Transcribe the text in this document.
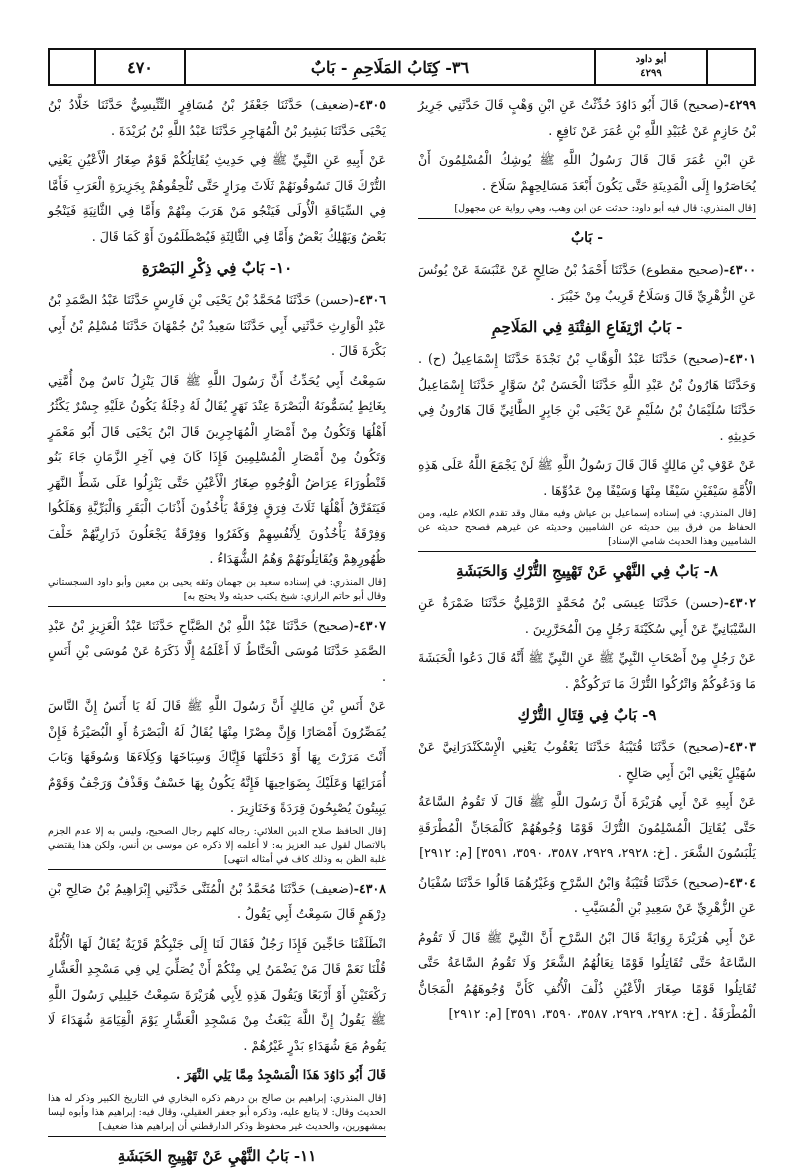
٤٧٠	٣٦- كِتَابُ المَلَاحِمِ - بَابٌ	أبو داود
٤٢٩٩

٤٢٩٩-(صحيح) قَالَ أَبُو دَاوُدَ حُدِّثْتُ عَنِ ابْنِ وَهْبٍ قَالَ حَدَّثَنِي جَرِيرُ بْنُ حَازِمٍ عَنْ عُبَيْدِ اللَّهِ بْنِ عُمَرَ عَنْ نَافِعٍ .

عَنِ ابْنِ عُمَرَ قَالَ قَالَ رَسُولُ اللَّهِ ﷺ يُوشِكُ الْمُسْلِمُونَ أَنْ يُحَاصَرُوا إِلَى الْمَدِينَةِ حَتَّى يَكُونَ أَبْعَدَ مَسَالِحِهِمْ سَلَاحَ .

[قال المنذري: قال فيه أبو داود: حدثت عن ابن وهب، وهي رواية عن مجهول]
- بَابٌ

٤٣٠٠-(صحيح مقطوع) حَدَّثَنَا أَحْمَدُ بْنُ صَالِحٍ عَنْ عَنْبَسَةَ عَنْ يُونُسَ عَنِ الزُّهْرِيِّ قَالَ وَسَلَاحُ قَرِيبٌ مِنْ خَيْبَرَ .

- بَابُ ارْتِفَاعِ الفِتْنَةِ فِي المَلَاحِمِ

٤٣٠١-(صحيح) حَدَّثَنَا عَبْدُ الْوَهَّابِ بْنُ نَجْدَةَ حَدَّثَنَا إِسْمَاعِيلُ (ح) . وَحَدَّثَنَا هَارُونُ بْنُ عَبْدِ اللَّهِ حَدَّثَنَا الْحَسَنُ بْنُ سَوَّارٍ حَدَّثَنَا إِسْمَاعِيلُ حَدَّثَنَا سُلَيْمَانُ بْنُ سُلَيْمٍ عَنْ يَحْيَى بْنِ جَابِرٍ الطَّائِيِّ قَالَ هَارُونُ فِي حَدِيثِهِ .

عَنْ عَوْفِ بْنِ مَالِكٍ قَالَ قَالَ رَسُولُ اللَّهِ ﷺ لَنْ يَجْمَعَ اللَّهُ عَلَى هَذِهِ الْأُمَّةِ سَيْفَيْنِ سَيْفًا مِنْهَا وَسَيْفًا مِنْ عَدُوِّهَا .

[قال المنذري: في إسناده إسماعيل بن عياش وفيه مقال وقد تقدم الكلام عليه، ومن الحفاظ من فرق بين حديثه عن الشاميين وحديثه عن غيرهم فصحح حديثه عن الشاميين وهذا الحديث شامي الإسناد]
٨- بَابٌ فِي النَّهْيِ عَنْ تَهْيِيجِ التُّرْكِ وَالحَبَشَةِ

٤٣٠٢-(حسن) حَدَّثَنَا عِيسَى بْنُ مُحَمَّدٍ الرَّمْلِيُّ حَدَّثَنَا ضَمْرَةُ عَنِ السَّيْبَانِيِّ عَنْ أَبِي سُكَيْنَةَ رَجُلٍ مِنَ الْمُحَرَّرِينَ .

عَنْ رَجُلٍ مِنْ أَصْحَابِ النَّبِيِّ ﷺ عَنِ النَّبِيِّ ﷺ أَنَّهُ قَالَ دَعُوا الْحَبَشَةَ مَا وَدَعُوكُمْ وَاتْرُكُوا التُّرْكَ مَا تَرَكُوكُمْ .

٩- بَابٌ فِي قِتَالِ التُّرْكِ

٤٣٠٣-(صحيح) حَدَّثَنَا قُتَيْبَةُ حَدَّثَنَا يَعْقُوبُ يَعْنِي الْإِسْكَنْدَرَانِيَّ عَنْ سُهَيْلٍ يَعْنِي ابْنَ أَبِي صَالِحٍ .

عَنْ أَبِيهِ عَنْ أَبِي هُرَيْرَةَ أَنَّ رَسُولَ اللَّهِ ﷺ قَالَ لَا تَقُومُ السَّاعَةُ حَتَّى يُقَاتِلَ الْمُسْلِمُونَ التُّرْكَ قَوْمًا وُجُوهُهُمْ كَالْمَجَانِّ الْمُطْرَقَةِ يَلْبَسُونَ الشَّعَرَ . [خ: ٢٩٢٨، ٢٩٢٩، ٣٥٨٧، ٣٥٩٠، ٣٥٩١] [م: ٢٩١٢]

٤٣٠٤-(صحيح) حَدَّثَنَا قُتَيْبَةُ وَابْنُ السَّرْحِ وَغَيْرُهُمَا قَالُوا حَدَّثَنَا سُفْيَانُ عَنِ الزُّهْرِيِّ عَنْ سَعِيدِ بْنِ الْمُسَيَّبِ .

عَنْ أَبِي هُرَيْرَةَ رِوَايَةً قَالَ ابْنُ السَّرْحِ أَنَّ النَّبِيَّ ﷺ قَالَ لَا تَقُومُ السَّاعَةُ حَتَّى تُقَاتِلُوا قَوْمًا نِعَالُهُمُ الشَّعَرُ وَلَا تَقُومُ السَّاعَةُ حَتَّى تُقَاتِلُوا قَوْمًا صِغَارَ الْأَعْيُنِ ذُلْفَ الْأُنُفِ كَأَنَّ وُجُوهَهُمُ الْمَجَانُّ الْمُطْرَقَةُ . [خ: ٢٩٢٨، ٢٩٢٩، ٣٥٨٧، ٣٥٩٠، ٣٥٩١] [م: ٢٩١٢]

٤٣٠٥-(ضعيف) حَدَّثَنَا جَعْفَرُ بْنُ مُسَافِرٍ التِّنِّيسِيُّ حَدَّثَنَا خَلَّادُ بْنُ يَحْيَى حَدَّثَنَا بَشِيرُ بْنُ الْمُهَاجِرِ حَدَّثَنَا عَبْدُ اللَّهِ بْنُ بُرَيْدَةَ .

عَنْ أَبِيهِ عَنِ النَّبِيِّ ﷺ فِي حَدِيثِ يُقَاتِلُكُمْ قَوْمٌ صِغَارُ الْأَعْيُنِ يَعْنِي التُّرْكَ قَالَ تَسُوقُونَهُمْ ثَلَاثَ مِرَارٍ حَتَّى تُلْحِقُوهُمْ بِجَزِيرَةِ الْعَرَبِ فَأَمَّا فِي السِّيَاقَةِ الْأُولَى فَيَنْجُو مَنْ هَرَبَ مِنْهُمْ وَأَمَّا فِي الثَّانِيَةِ فَيَنْجُو بَعْضٌ وَيَهْلِكُ بَعْضٌ وَأَمَّا فِي الثَّالِثَةِ فَيُصْطَلَمُونَ أَوْ كَمَا قَالَ .

١٠- بَابٌ فِي ذِكْرِ البَصْرَةِ

٤٣٠٦-(حسن) حَدَّثَنَا مُحَمَّدُ بْنُ يَحْيَى بْنِ فَارِسٍ حَدَّثَنَا عَبْدُ الصَّمَدِ بْنُ عَبْدِ الْوَارِثِ حَدَّثَنِي أَبِي حَدَّثَنَا سَعِيدُ بْنُ جُمْهَانَ حَدَّثَنَا مُسْلِمُ بْنُ أَبِي بَكْرَةَ قَالَ .

سَمِعْتُ أَبِي يُحَدِّثُ أَنَّ رَسُولَ اللَّهِ ﷺ قَالَ يَنْزِلُ نَاسٌ مِنْ أُمَّتِي بِغَائِطٍ يُسَمُّونَهُ الْبَصْرَةَ عِنْدَ نَهَرٍ يُقَالُ لَهُ دِجْلَةُ يَكُونُ عَلَيْهِ جِسْرٌ يَكْثُرُ أَهْلُهَا وَتَكُونُ مِنْ أَمْصَارِ الْمُهَاجِرِينَ قَالَ ابْنُ يَحْيَى قَالَ أَبُو مَعْمَرٍ وَتَكُونُ مِنْ أَمْصَارِ الْمُسْلِمِينَ فَإِذَا كَانَ فِي آخِرِ الزَّمَانِ جَاءَ بَنُو قَنْطُورَاءَ عِرَاضُ الْوُجُوهِ صِغَارُ الْأَعْيُنِ حَتَّى يَنْزِلُوا عَلَى شَطِّ النَّهَرِ فَيَتَفَرَّقُ أَهْلُهَا ثَلَاثَ فِرَقٍ فِرْقَةٌ يَأْخُذُونَ أَذْنَابَ الْبَقَرِ وَالْبَرِّيَّةِ وَهَلَكُوا وَفِرْقَةٌ يَأْخُذُونَ لِأَنْفُسِهِمْ وَكَفَرُوا وَفِرْقَةٌ يَجْعَلُونَ ذَرَارِيَّهُمْ خَلْفَ ظُهُورِهِمْ وَيُقَاتِلُونَهُمْ وَهُمُ الشُّهَدَاءُ .

[قال المنذري: في إسناده سعيد بن جهمان وثقه يحيى بن معين وأبو داود السجستاني وقال أبو حاتم الرازي: شيخ يكتب حديثه ولا يحتج به]

٤٣٠٧-(صحيح) حَدَّثَنَا عَبْدُ اللَّهِ بْنُ الصَّبَّاحِ حَدَّثَنَا عَبْدُ الْعَزِيزِ بْنُ عَبْدِ الصَّمَدِ حَدَّثَنَا مُوسَى الْحَنَّاطُ لَا أَعْلَمُهُ إِلَّا ذَكَرَهُ عَنْ مُوسَى بْنِ أَنَسٍ .

عَنْ أَنَسِ بْنِ مَالِكٍ أَنَّ رَسُولَ اللَّهِ ﷺ قَالَ لَهُ يَا أَنَسُ إِنَّ النَّاسَ يُمَصِّرُونَ أَمْصَارًا وَإِنَّ مِصْرًا مِنْهَا يُقَالُ لَهُ الْبَصْرَةُ أَوِ الْبُصَيْرَةُ فَإِنْ أَنْتَ مَرَرْتَ بِهَا أَوْ دَخَلْتَهَا فَإِيَّاكَ وَسِبَاخَهَا وَكِلَاءَهَا وَسُوقَهَا وَبَابَ أُمَرَائِهَا وَعَلَيْكَ بِضَوَاحِيهَا فَإِنَّهُ يَكُونُ بِهَا خَسْفٌ وَقَذْفٌ وَرَجْفٌ وَقَوْمٌ يَبِيتُونَ يُصْبِحُونَ قِرَدَةً وَخَنَازِيرَ .

[قال الحافظ صلاح الدين العلائي: رجاله كلهم رجال الصحيح، وليس به إلا عدم الجزم بالاتصال لقول عبد العزيز به: لا أعلمه إلا ذكره عن موسى بن أنس، ولكن هذا يقتضي غلبة الظن به وذلك كاف في أمثاله انتهى]

٤٣٠٨-(ضعيف) حَدَّثَنَا مُحَمَّدُ بْنُ الْمُثَنَّى حَدَّثَنِي إِبْرَاهِيمُ بْنُ صَالِحِ بْنِ دِرْهَمٍ قَالَ سَمِعْتُ أَبِي يَقُولُ .

انْطَلَقْنَا حَاجِّينَ فَإِذَا رَجُلٌ فَقَالَ لَنَا إِلَى جَنْبِكُمْ قَرْيَةٌ يُقَالُ لَهَا الْأُبُلَّةُ قُلْنَا نَعَمْ قَالَ مَنْ يَضْمَنُ لِي مِنْكُمْ أَنْ يُصَلِّيَ لِي فِي مَسْجِدِ الْعَشَّارِ رَكْعَتَيْنِ أَوْ أَرْبَعًا وَيَقُولَ هَذِهِ لِأَبِي هُرَيْرَةَ سَمِعْتُ خَلِيلِي رَسُولَ اللَّهِ ﷺ يَقُولُ إِنَّ اللَّهَ يَبْعَثُ مِنْ مَسْجِدِ الْعَشَّارِ يَوْمَ الْقِيَامَةِ شُهَدَاءَ لَا يَقُومُ مَعَ شُهَدَاءِ بَدْرٍ غَيْرُهُمْ .

قَالَ أَبُو دَاوُدَ هَذَا الْمَسْجِدُ مِمَّا يَلِي النَّهَرَ .

[قال المنذري: إبراهيم بن صالح بن درهم ذكره البخاري في التاريخ الكبير وذكر له هذا الحديث وقال: لا يتابع عليه، وذكره أبو جعفر العقيلي، وقال فيه: إبراهيم هذا وأبوه ليسا بمشهورين، والحديث غير محفوظ وذكر الدارقطني أن إبراهيم هذا ضعيف]
١١- بَابُ النَّهْيِ عَنْ تَهْيِيجِ الحَبَشَةِ
